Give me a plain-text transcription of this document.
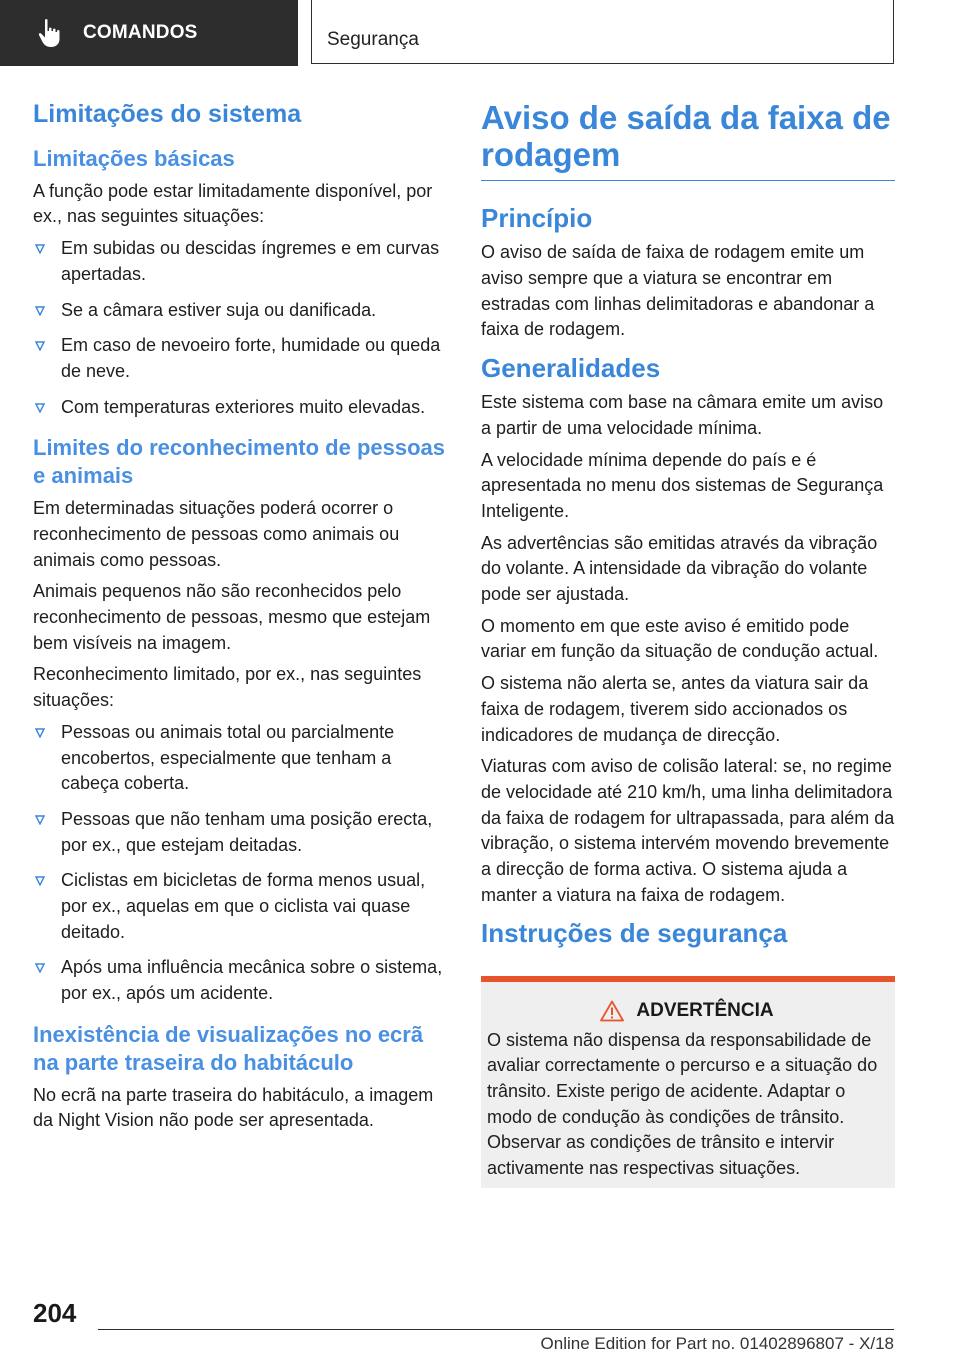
COMANDOS	Segurança
Limitações do sistema
Limitações básicas

A função pode estar limitadamente disponível, por ex., nas seguintes situações:

Em subidas ou descidas íngremes e em curvas apertadas.
Se a câmara estiver suja ou danificada.
Em caso de nevoeiro forte, humidade ou queda de neve.
Com temperaturas exteriores muito elevadas.
Limites do reconhecimento de pessoas e animais

Em determinadas situações poderá ocorrer o reconhecimento de pessoas como animais ou animais como pessoas.

Animais pequenos não são reconhecidos pelo reconhecimento de pessoas, mesmo que estejam bem visíveis na imagem.

Reconhecimento limitado, por ex., nas seguintes situações:

Pessoas ou animais total ou parcialmente encobertos, especialmente que tenham a cabeça coberta.
Pessoas que não tenham uma posição erecta, por ex., que estejam deitadas.
Ciclistas em bicicletas de forma menos usual, por ex., aquelas em que o ciclista vai quase deitado.
Após uma influência mecânica sobre o sistema, por ex., após um acidente.
Inexistência de visualizações no ecrã na parte traseira do habitáculo

No ecrã na parte traseira do habitáculo, a imagem da Night Vision não pode ser apresentada.

Aviso de saída da faixa de rodagem
Princípio

O aviso de saída de faixa de rodagem emite um aviso sempre que a viatura se encontrar em estradas com linhas delimitadoras e abandonar a faixa de rodagem.

Generalidades

Este sistema com base na câmara emite um aviso a partir de uma velocidade mínima.

A velocidade mínima depende do país e é apresentada no menu dos sistemas de Segurança Inteligente.

As advertências são emitidas através da vibração do volante. A intensidade da vibração do volante pode ser ajustada.

O momento em que este aviso é emitido pode variar em função da situação de condução actual.

O sistema não alerta se, antes da viatura sair da faixa de rodagem, tiverem sido accionados os indicadores de mudança de direcção.

Viaturas com aviso de colisão lateral: se, no regime de velocidade até 210 km/h, uma linha delimitadora da faixa de rodagem for ultrapassada, para além da vibração, o sistema intervém movendo brevemente a direcção de forma activa. O sistema ajuda a manter a viatura na faixa de rodagem.

Instruções de segurança
ADVERTÊNCIA

O sistema não dispensa da responsabilidade de avaliar correctamente o percurso e a situação do trânsito. Existe perigo de acidente. Adaptar o modo de condução às condições de trânsito. Observar as condições de trânsito e intervir activamente nas respectivas situações.

204
Online Edition for Part no. 01402896807 - X/18
